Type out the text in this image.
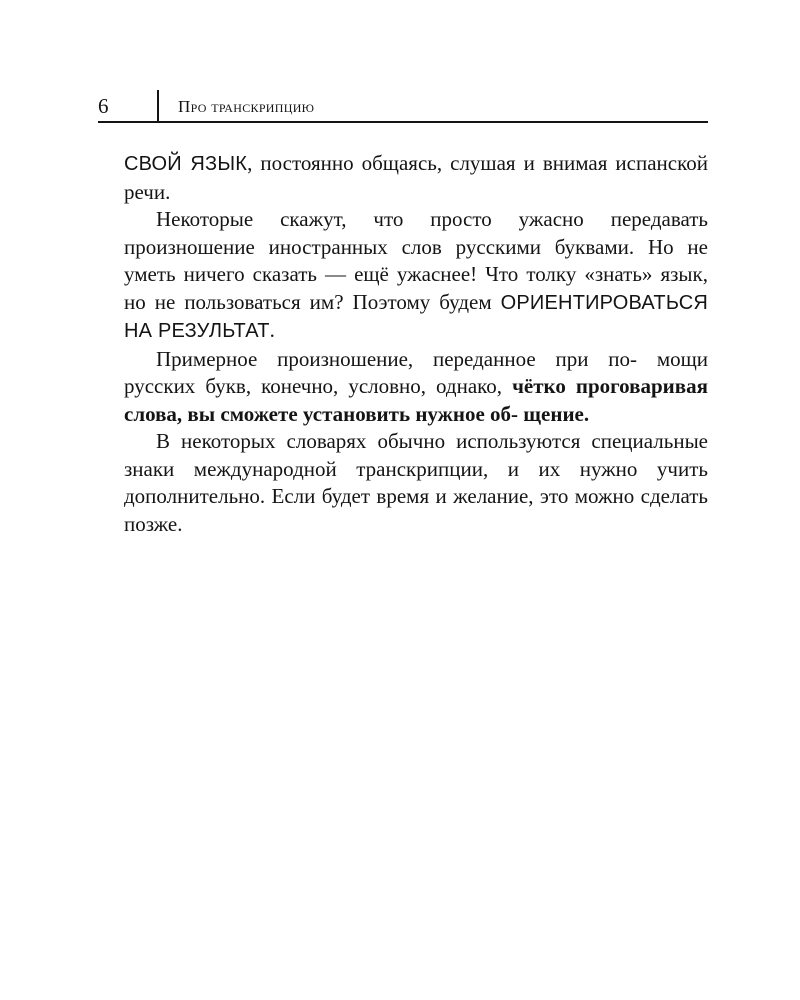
6	Про транскрипцию

СВОЙ ЯЗЫК, постоянно общаясь, слушая и внимая испанской речи.

Некоторые скажут, что просто ужасно передавать произношение иностранных слов русскими буквами. Но не уметь ничего сказать — ещё ужаснее! Что толку «знать» язык, но не пользоваться им? Поэтому будем ОРИЕНТИРОВАТЬСЯ НА РЕЗУЛЬТАТ.

Примерное произношение, переданное при по- мощи русских букв, конечно, условно, однако, чётко проговаривая слова, вы сможете установить нужное об- щение.

В некоторых словарях обычно используются специальные знаки международной транскрипции, и их нужно учить дополнительно. Если будет время и желание, это можно сделать позже.
